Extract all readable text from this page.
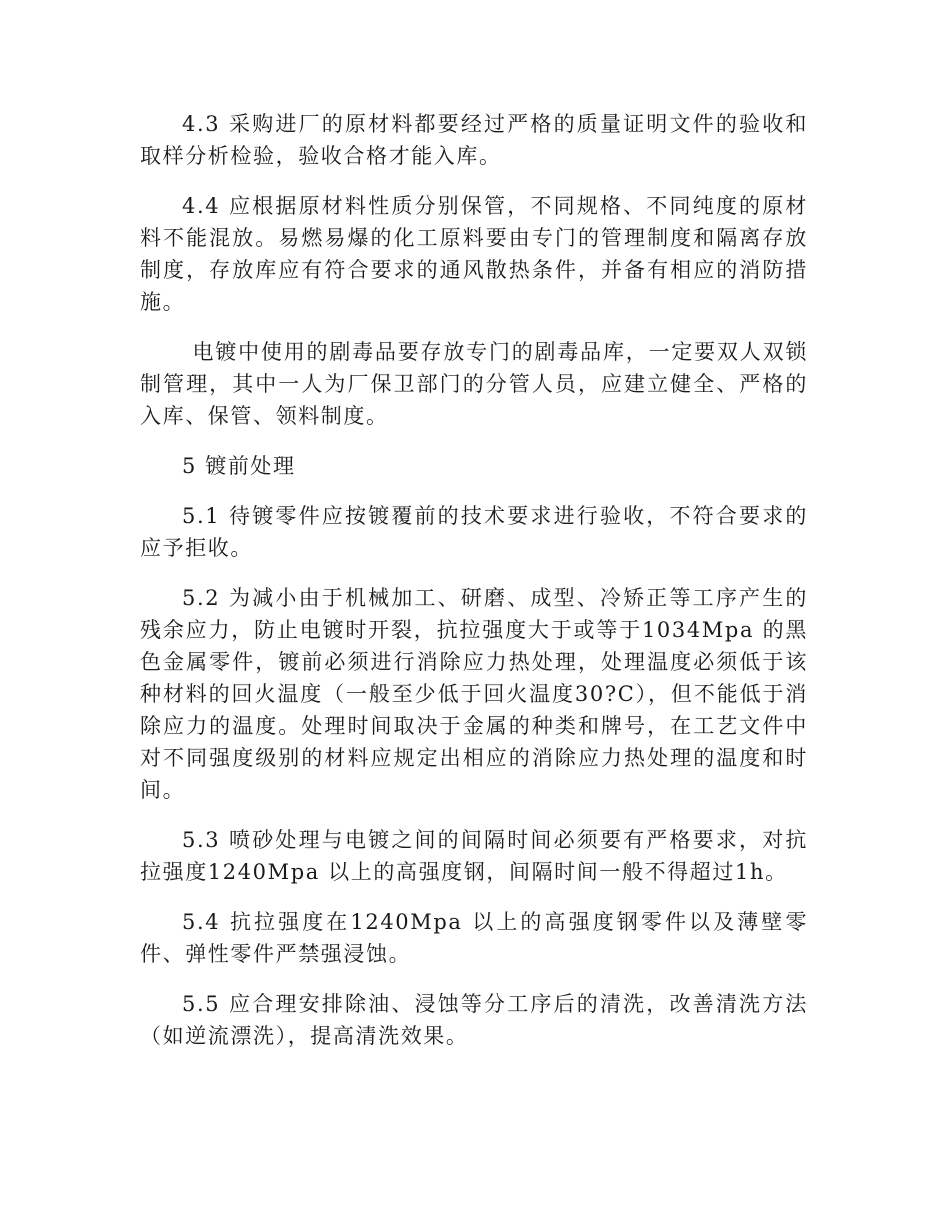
4.3 采购进厂的原材料都要经过严格的质量证明文件的验收和取样分析检验，验收合格才能入库。

4.4 应根据原材料性质分别保管，不同规格、不同纯度的原材料不能混放。易燃易爆的化工原料要由专门的管理制度和隔离存放制度，存放库应有符合要求的通风散热条件，并备有相应的消防措施。

电镀中使用的剧毒品要存放专门的剧毒品库，一定要双人双锁制管理，其中一人为厂保卫部门的分管人员，应建立健全、严格的入库、保管、领料制度。

5 镀前处理

5.1 待镀零件应按镀覆前的技术要求进行验收，不符合要求的应予拒收。

5.2 为减小由于机械加工、研磨、成型、冷矫正等工序产生的残余应力，防止电镀时开裂，抗拉强度大于或等于1034Mpa 的黑色金属零件，镀前必须进行消除应力热处理，处理温度必须低于该种材料的回火温度（一般至少低于回火温度30?C），但不能低于消除应力的温度。处理时间取决于金属的种类和牌号，在工艺文件中对不同强度级别的材料应规定出相应的消除应力热处理的温度和时间。

5.3 喷砂处理与电镀之间的间隔时间必须要有严格要求，对抗拉强度1240Mpa 以上的高强度钢，间隔时间一般不得超过1h。

5.4 抗拉强度在1240Mpa 以上的高强度钢零件以及薄壁零件、弹性零件严禁强浸蚀。

5.5 应合理安排除油、浸蚀等分工序后的清洗，改善清洗方法（如逆流漂洗），提高清洗效果。
